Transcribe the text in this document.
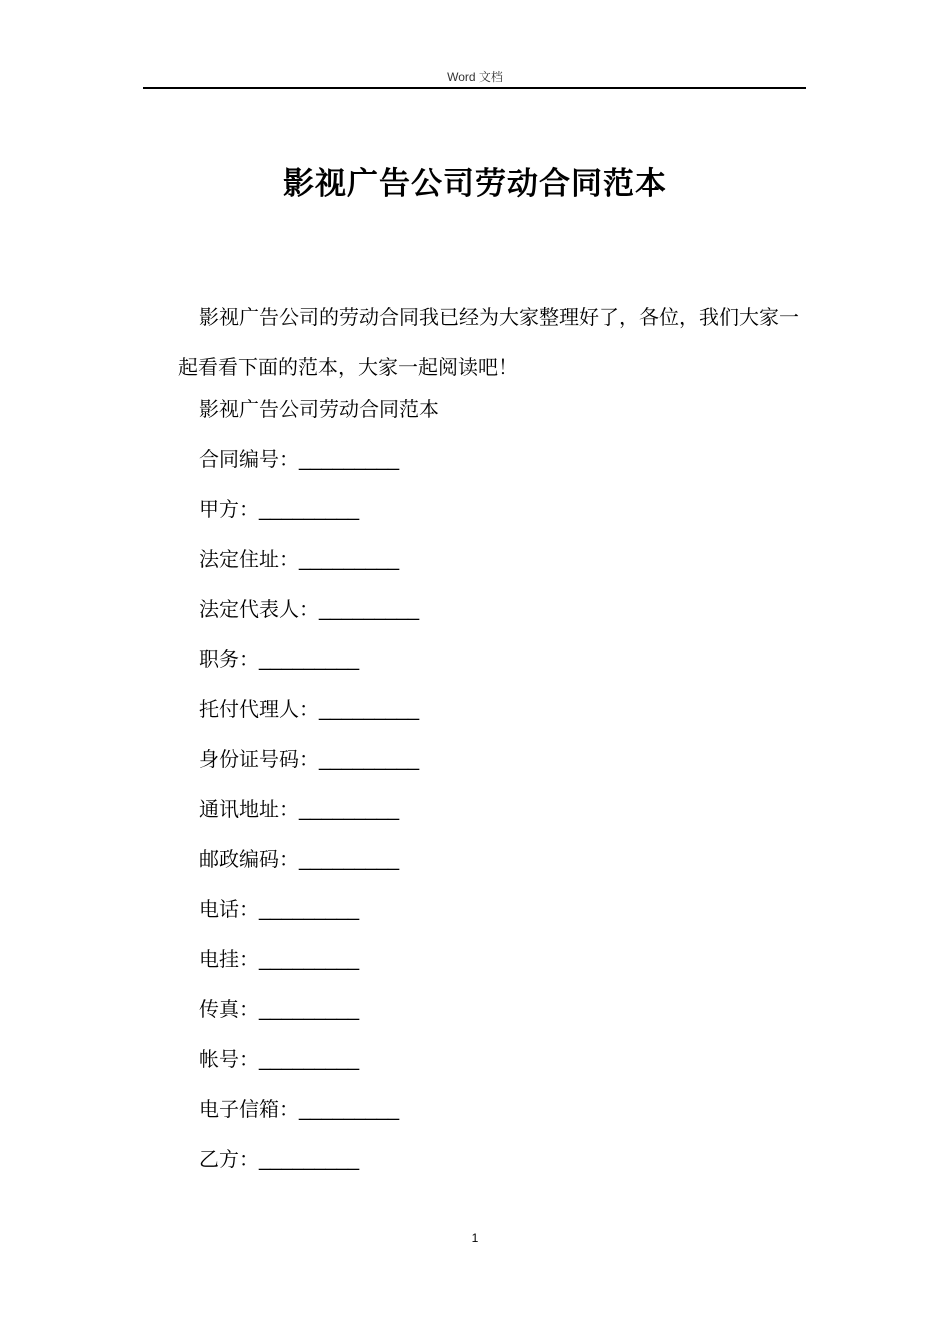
Word 文档
影视广告公司劳动合同范本

影视广告公司的劳动合同我已经为大家整理好了，各位，我们大家一起看看下面的范本，大家一起阅读吧！

影视广告公司劳动合同范本
合同编号：_________
甲方：_________
法定住址：_________
法定代表人：_________
职务：_________
托付代理人：_________
身份证号码：_________
通讯地址：_________
邮政编码：_________
电话：_________
电挂：_________
传真：_________
帐号：_________
电子信箱：_________
乙方：_________
1
